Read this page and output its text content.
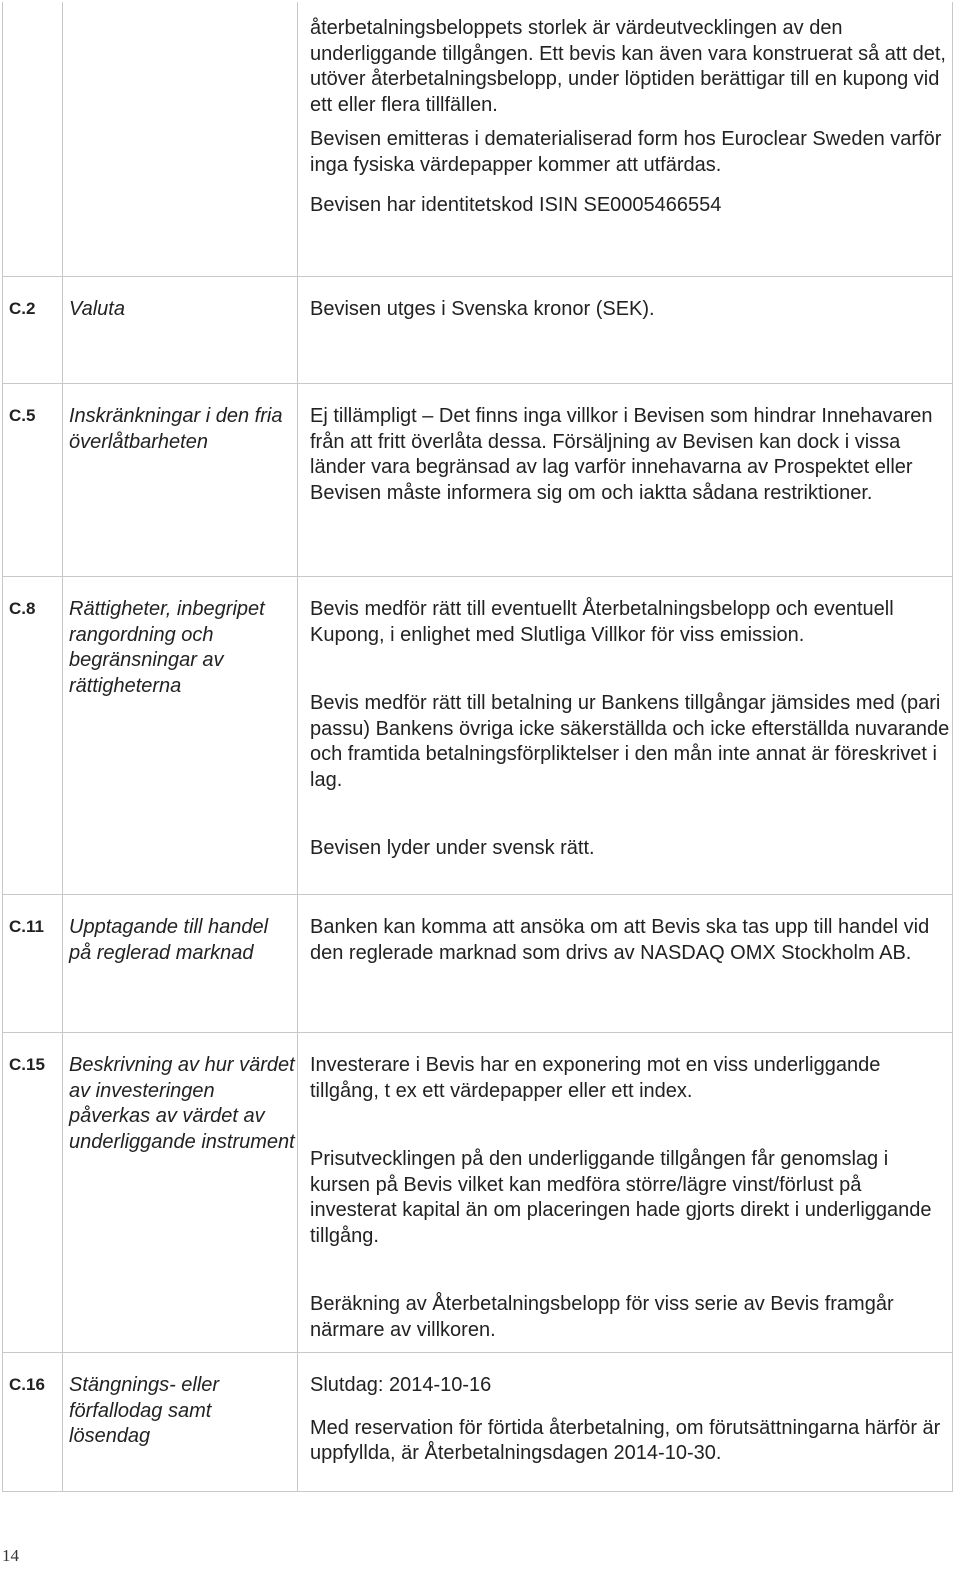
återbetalningsbeloppets storlek är värdeutvecklingen av den underliggande tillgången. Ett bevis kan även vara konstruerat så att det, utöver återbetalningsbelopp, under löptiden berättigar till en kupong vid ett eller flera tillfällen.

Bevisen emitteras i dematerialiserad form hos Euroclear Sweden varför inga fysiska värdepapper kommer att utfärdas.

Bevisen har identitetskod ISIN SE0005466554

C.2 Valuta	Bevisen utges i Svenska kronor (SEK).

C.5 Inskränkningar i den fria överlåtbarheten

Ej tillämpligt – Det finns inga villkor i Bevisen som hindrar Innehavaren från att fritt överlåta dessa. Försäljning av Bevisen kan dock i vissa länder vara begränsad av lag varför innehavarna av Prospektet eller Bevisen måste informera sig om och iaktta sådana restriktioner.

C.8 Rättigheter, inbegripet rangordning och begränsningar av rättigheterna

Bevis medför rätt till eventuellt Återbetalningsbelopp och eventuell Kupong, i enlighet med Slutliga Villkor för viss emission.

Bevis medför rätt till betalning ur Bankens tillgångar jämsides med (pari passu) Bankens övriga icke säkerställda och icke efterställda nuvarande och framtida betalningsförpliktelser i den mån inte annat är föreskrivet i lag.

Bevisen lyder under svensk rätt.

C.11 Upptagande till handel på reglerad marknad

Banken kan komma att ansöka om att Bevis ska tas upp till handel vid den reglerade marknad som drivs av NASDAQ OMX Stockholm AB.

C.15 Beskrivning av hur värdet av investeringen påverkas av värdet av underliggande instrument

Investerare i Bevis har en exponering mot en viss underliggande tillgång, t ex ett värdepapper eller ett index.

Prisutvecklingen på den underliggande tillgången får genomslag i kursen på Bevis vilket kan medföra större/lägre vinst/förlust på investerat kapital än om placeringen hade gjorts direkt i underliggande tillgång.

Beräkning av Återbetalningsbelopp för viss serie av Bevis framgår närmare av villkoren.

C.16 Stängnings- eller förfallodag samt lösendag

Slutdag: 2014-10-16

Med reservation för förtida återbetalning, om förutsättningarna härför är uppfyllda, är Återbetalningsdagen 2014-10-30.

14
